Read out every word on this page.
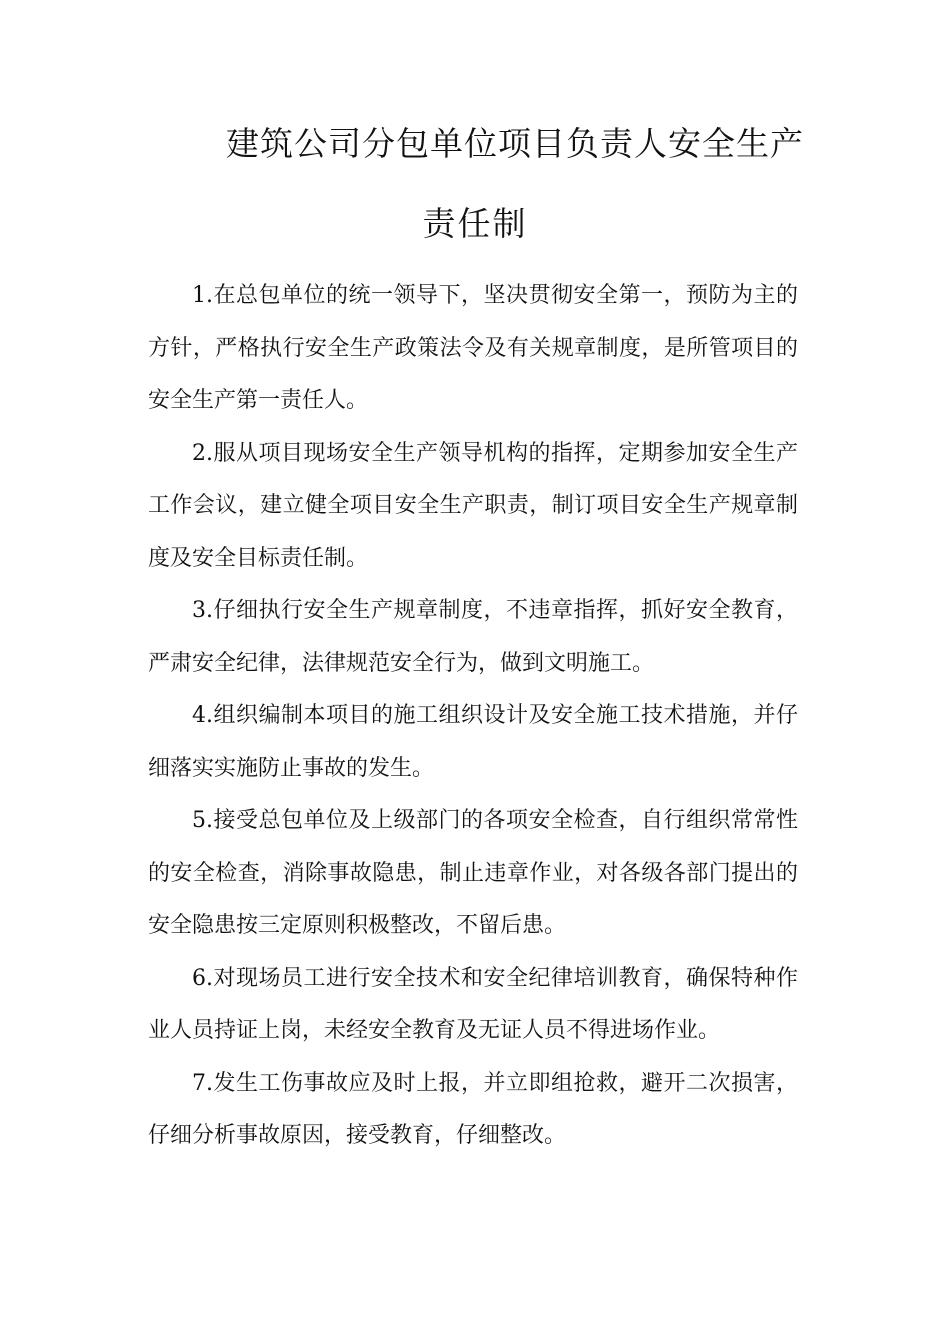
建筑公司分包单位项目负责人安全生产
责任制

1.在总包单位的统一领导下，坚决贯彻安全第一，预防为主的方针，严格执行安全生产政策法令及有关规章制度，是所管项目的安全生产第一责任人。

2.服从项目现场安全生产领导机构的指挥，定期参加安全生产工作会议，建立健全项目安全生产职责，制订项目安全生产规章制度及安全目标责任制。

3.仔细执行安全生产规章制度，不违章指挥，抓好安全教育，严肃安全纪律，法律规范安全行为，做到文明施工。

4.组织编制本项目的施工组织设计及安全施工技术措施，并仔细落实实施防止事故的发生。

5.接受总包单位及上级部门的各项安全检查，自行组织常常性的安全检查，消除事故隐患，制止违章作业，对各级各部门提出的安全隐患按三定原则积极整改，不留后患。

6.对现场员工进行安全技术和安全纪律培训教育，确保特种作业人员持证上岗，未经安全教育及无证人员不得进场作业。

7.发生工伤事故应及时上报，并立即组抢救，避开二次损害，仔细分析事故原因，接受教育，仔细整改。
